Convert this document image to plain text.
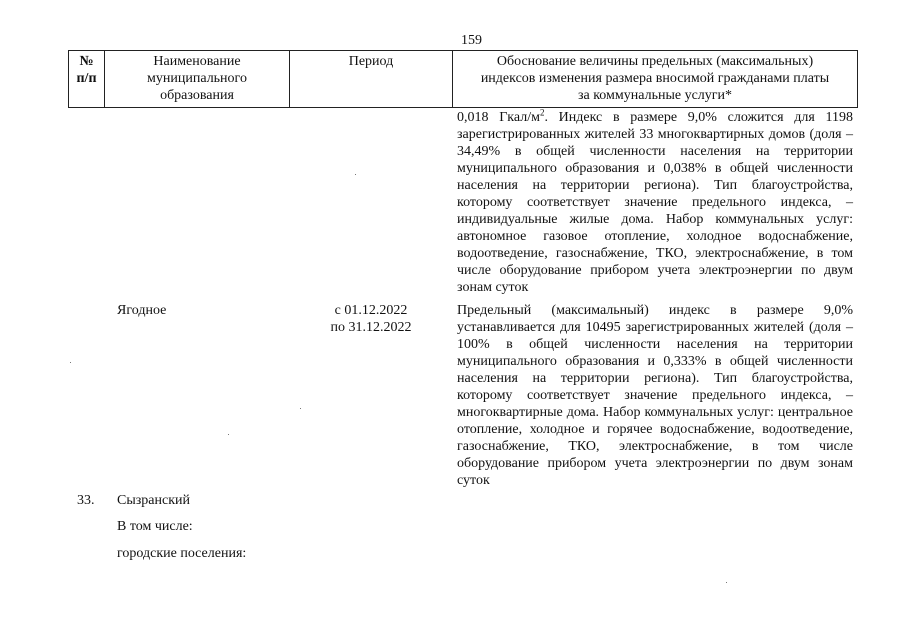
159
№
п/п
Наименование
муниципального
образования
Период	Обоснование величины предельных (максимальных)
индексов изменения размера вносимой гражданами платы
за коммунальные услуги*
0,018 Гкал/$м^2$. Индекс в размере 9,0% сложится для 1198 зарегистрированных жителей 33 многоквартирных домов (доля – 34,49% в общей численности населения на территории муниципального образования и 0,038% в общей численности населения на территории региона). Тип благоустройства, которому соответствует значение предельного индекса, – индивидуальные жилые дома. Набор коммунальных услуг: автономное газовое отопление, холодное водоснабжение, водоотведение, газоснабжение, ТКО, электроснабжение, в том числе оборудование прибором учета электроэнергии по двум зонам суток
Ягодное	с 01.12.2022
по 31.12.2022
Предельный (максимальный) индекс в размере 9,0% устанавливается для 10495 зарегистрированных жителей (доля – 100% в общей численности населения на территории муниципального образования и 0,333% в общей численности населения на территории региона). Тип благоустройства, которому соответствует значение предельного индекса, – многоквартирные дома. Набор коммунальных услуг: центральное отопление, холодное и горячее водоснабжение, водоотведение, газоснабжение, ТКО, электроснабжение, в том числе оборудование прибором учета электроэнергии по двум зонам суток
33. Сызранский
В том числе:
городские поселения:
